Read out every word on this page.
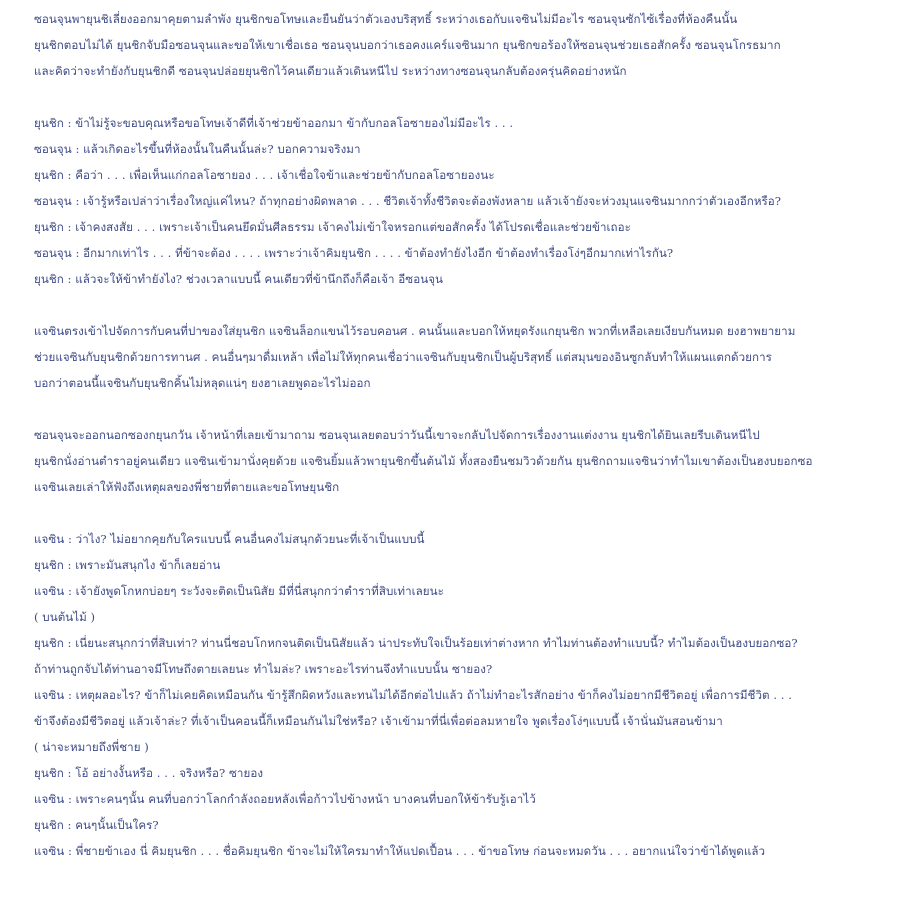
ซอนจุนพายุนชิเลี่ยงออกมาคุยตามลำพัง ยุนชิกขอโทษและยืนยันว่าตัวเองบริสุทธิ์ ระหว่างเธอกับแจซินไม่มีอะไร ซอนจุนซักไซ้เรื่องที่ห้องคืนนั้น
ยุนชิกตอบไม่ได้ ยุนชิกจับมือซอนจุนและขอให้เขาเชื่อเธอ ซอนจุนบอกว่าเธอคงแคร์แจซินมาก ยุนชิกขอร้องให้ซอนจุนช่วยเธอสักครั้ง ซอนจุนโกรธมาก
และคิดว่าจะทำยังกับยุนชิกดี ซอนจุนปล่อยยุนชิกไว้คนเดียวแล้วเดินหนีไป ระหว่างทางซอนจุนกลับต้องครุ่นคิดอย่างหนัก
ยุนชิก : ข้าไม่รู้จะขอบคุณหรือขอโทษเจ้าดีที่เจ้าช่วยข้าออกมา ข้ากับกอลโอซายองไม่มีอะไร . . .
ซอนจุน : แล้วเกิดอะไรขึ้นที่ห้องนั้นในคืนนั้นล่ะ? บอกความจริงมา
ยุนชิก : คือว่า . . . เพื่อเห็นแก่กอลโอซายอง . . . เจ้าเชื่อใจข้าและช่วยข้ากับกอลโอซายองนะ
ซอนจุน : เจ้ารู้หรือเปล่าว่าเรื่องใหญ่แค่ไหน? ถ้าทุกอย่างผิดพลาด . . . ชีวิตเจ้าทั้งชีวิตจะต้องพังหลาย แล้วเจ้ายังจะห่วงมุนแจซินมากกว่าตัวเองอีกหรือ?
ยุนชิก : เจ้าคงสงสัย . . . เพราะเจ้าเป็นคนยึดมั่นศีลธรรม เจ้าคงไม่เข้าใจหรอกแต่ขอสักครั้ง ได้โปรดเชื่อและช่วยข้าเถอะ
ซอนจุน : อีกมากเท่าไร . . . ที่ข้าจะต้อง . . . . เพราะว่าเจ้าคิมยุนชิก . . . . ข้าต้องทำยังไงอีก ข้าต้องทำเรื่องโง่ๆอีกมากเท่าไรกัน?
ยุนชิก : แล้วจะให้ข้าทำยังไง? ช่วงเวลาแบบนี้ คนเดียวที่ข้านึกถึงก็คือเจ้า อีซอนจุน
แจซินตรงเข้าไปจัดการกับคนที่ปาของใส่ยุนชิก แจซินล็อกแขนไว้รอบคอนศ . คนนั้นและบอกให้หยุดรังแกยุนชิก พวกที่เหลือเลยเงียบกันหมด ยงฮาพยายาม
ช่วยแจซินกับยุนชิกด้วยการทานศ . คนอื่นๆมาดื่มเหล้า เพื่อไม่ให้ทุกคนเชื่อว่าแจซินกับยุนชิกเป็นผู้บริสุทธิ์ แต่สมุนของอินซูกลับทำให้แผนแตกด้วยการ
บอกว่าตอนนี้แจซินกับยุนชิกคิ้นไม่หลุดแน่ๆ ยงฮาเลยพูดอะไรไม่ออก
ซอนจุนจะออกนอกซองกยุนกวัน เจ้าหน้าที่เลยเข้ามาถาม ซอนจุนเลยตอบว่าวันนี้เขาจะกลับไปจัดการเรื่องงานแต่งงาน ยุนชิกได้ยินเลยรีบเดินหนีไป
ยุนชิกนั่งอ่านตำราอยู่คนเดียว แจซินเข้ามานั่งคุยด้วย แจซินยิ้มแล้วพายุนชิกขึ้นต้นไม้ ทั้งสองยืนชมวิวด้วยกัน ยุนชิกถามแจซินว่าทำไมเขาต้องเป็นฮงบยอกซอ
แจซินเลยเล่าให้ฟังถึงเหตุผลของพี่ชายที่ตายและขอโทษยุนชิก
แจซิน : ว่าไง? ไม่อยากคุยกับใครแบบนี้ คนอื่นคงไม่สนุกด้วยนะที่เจ้าเป็นแบบนี้
ยุนชิก : เพราะมันสนุกไง ข้าก็เลยอ่าน
แจซิน : เจ้ายังพูดโกหกบ่อยๆ ระวังจะติดเป็นนิสัย มีที่นี่สนุกกว่าตำราที่สิบเท่าเลยนะ
( บนต้นไม้ )
ยุนชิก : เนี่ยนะสนุกกว่าที่สิบเท่า? ท่านนี่ชอบโกหกจนติดเป็นนิสัยแล้ว น่าประทับใจเป็นร้อยเท่าต่างหาก ทำไมท่านต้องทำแบบนี้? ทำไมต้องเป็นฮงบยอกซอ?
ถ้าท่านถูกจับได้ท่านอาจมีโทษถึงตายเลยนะ ทำไมล่ะ? เพราะอะไรท่านจึงทำแบบนั้น ซายอง?
แจซิน : เหตุผลอะไร? ข้าก็ไม่เคยคิดเหมือนกัน ข้ารู้สึกผิดหวังและทนไม่ได้อีกต่อไปแล้ว ถ้าไม่ทำอะไรสักอย่าง ข้าก็คงไม่อยากมีชีวิตอยู่ เพื่อการมีชีวิต . . .
ข้าจึงต้องมีชีวิตอยู่ แล้วเจ้าล่ะ? ที่เจ้าเป็นคอนนี้ก็เหมือนกันไม่ใช่หรือ? เจ้าเข้ามาที่นี่เพื่อต่อลมหายใจ พูดเรื่องโง่ๆแบบนี้ เจ้านั่นมันสอนข้ามา
( น่าจะหมายถึงพี่ชาย )
ยุนชิก : โอ้ อย่างงั้นหรือ . . . จริงหรือ? ซายอง
แจซิน : เพราะคนๆนั้น คนที่บอกว่าโลกกำลังถอยหลังเพื่อก้าวไปข้างหน้า บางคนที่บอกให้ข้ารับรู้เอาไว้
ยุนชิก : คนๆนั้นเป็นใคร?
แจซิน : พี่ชายข้าเอง นี่ คิมยุนชิก . . . ชื่อคิมยุนชิก ข้าจะไม่ให้ใครมาทำให้แปดเปื้อน . . . ข้าขอโทษ ก่อนจะหมดวัน . . . อยากแน่ใจว่าข้าได้พูดแล้ว
